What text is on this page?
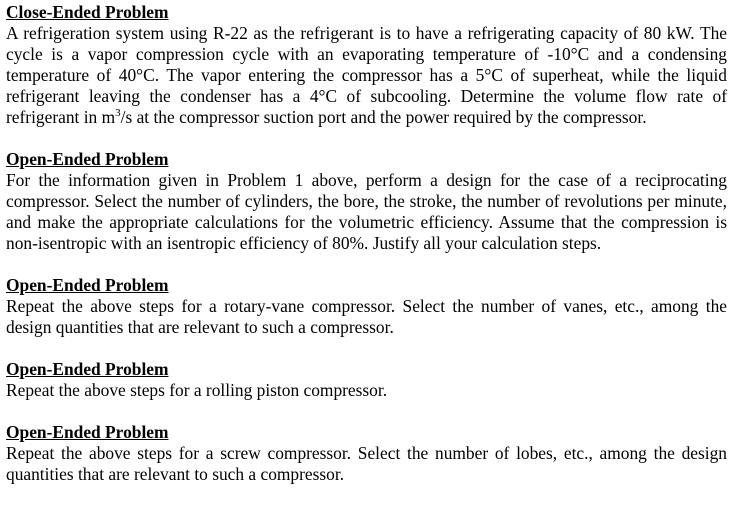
Close-Ended Problem

A refrigeration system using R-22 as the refrigerant is to have a refrigerating capacity of 80 kW. The cycle is a vapor compression cycle with an evaporating temperature of -10°C and a condensing temperature of 40°C. The vapor entering the compressor has a 5°C of superheat, while the liquid refrigerant leaving the condenser has a 4°C of subcooling. Determine the volume flow rate of refrigerant in $m^3/s$ at the compressor suction port and the power required by the compressor.

Open-Ended Problem

For the information given in Problem 1 above, perform a design for the case of a reciprocating compressor. Select the number of cylinders, the bore, the stroke, the number of revolutions per minute, and make the appropriate calculations for the volumetric efficiency. Assume that the compression is non-isentropic with an isentropic efficiency of 80%. Justify all your calculation steps.

Open-Ended Problem

Repeat the above steps for a rotary-vane compressor. Select the number of vanes, etc., among the design quantities that are relevant to such a compressor.

Open-Ended Problem

Repeat the above steps for a rolling piston compressor.

Open-Ended Problem

Repeat the above steps for a screw compressor. Select the number of lobes, etc., among the design quantities that are relevant to such a compressor.
